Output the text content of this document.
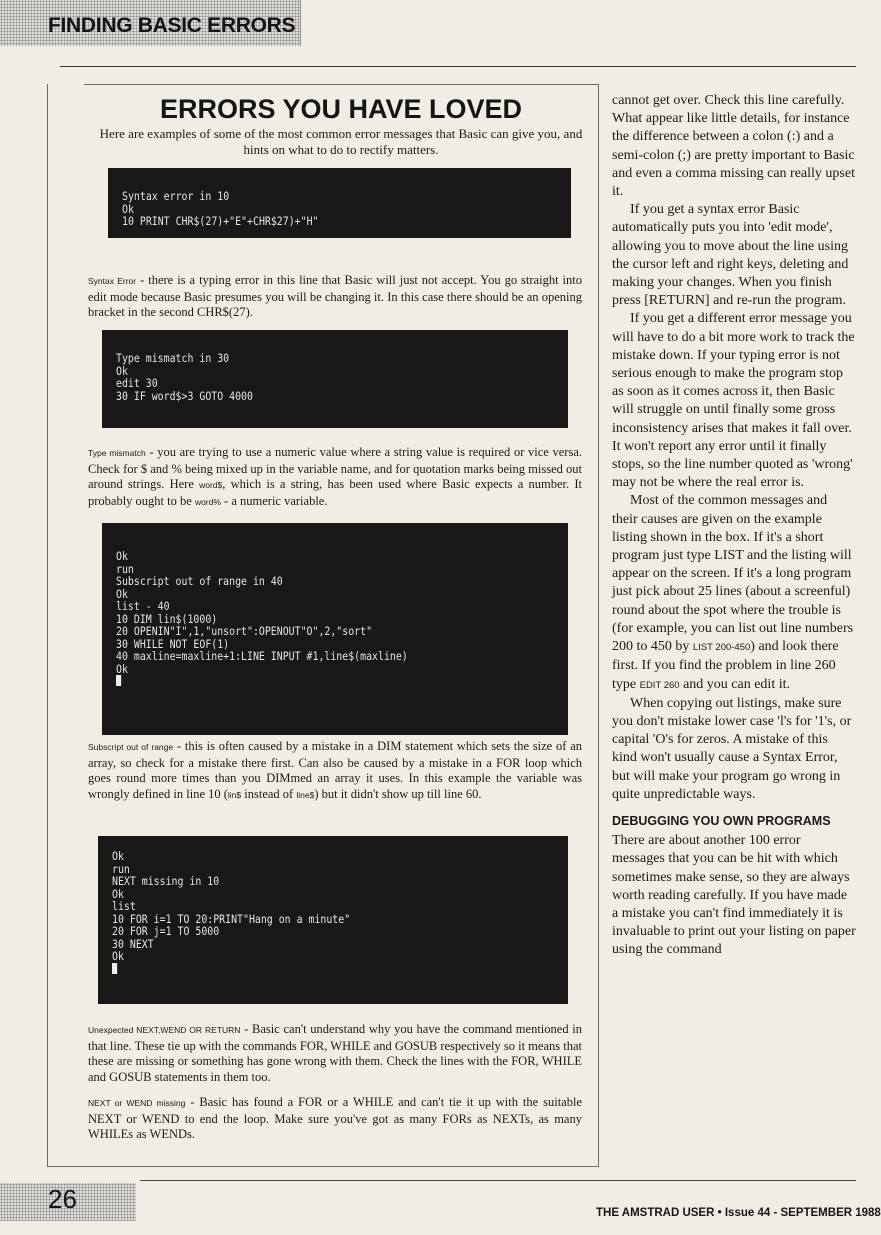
FINDING BASIC ERRORS
ERRORS YOU HAVE LOVED
Here are examples of some of the most common error messages that Basic can give you, and hints on what to do to rectify matters.
Syntax error in 10
Ok
10 PRINT CHR$(27)+"E"+CHR$27)+"H"
Syntax Error - there is a typing error in this line that Basic will just not accept. You go straight into edit mode because Basic presumes you will be changing it. In this case there should be an opening bracket in the second CHR$(27).
Type mismatch in 30
Ok
edit 30
30 IF word$>3 GOTO 4000
Type mismatch - you are trying to use a numeric value where a string value is required or vice versa. Check for $ and % being mixed up in the variable name, and for quotation marks being missed out around strings. Here word$, which is a string, has been used where Basic expects a number. It probably ought to be word% - a numeric variable.
Ok
run
Subscript out of range in 40
Ok
list - 40
10 DIM lin$(1000)
20 OPENIN"I",1,"unsort":OPENOUT"O",2,"sort"
30 WHILE NOT EOF(1)
40 maxline=maxline+1:LINE INPUT #1,line$(maxline)
Ok
Subscript out of range - this is often caused by a mistake in a DIM statement which sets the size of an array, so check for a mistake there first. Can also be caused by a mistake in a FOR loop which goes round more times than you DIMmed an array it uses. In this example the variable was wrongly defined in line 10 (lin$ instead of line$) but it didn't show up till line 60.
Ok
run
NEXT missing in 10
Ok
list
10 FOR i=1 TO 20:PRINT"Hang on a minute"
20 FOR j=1 TO 5000
30 NEXT
Ok
Unexpected NEXT,WEND OR RETURN - Basic can't understand why you have the command mentioned in that line. These tie up with the commands FOR, WHILE and GOSUB respectively so it means that these are missing or something has gone wrong with them. Check the lines with the FOR, WHILE and GOSUB statements in them too.
NEXT or WEND missing - Basic has found a FOR or a WHILE and can't tie it up with the suitable NEXT or WEND to end the loop. Make sure you've got as many FORs as NEXTs, as many WHILEs as WENDs.

cannot get over. Check this line carefully. What appear like little details, for instance the difference between a colon (:) and a semi-colon (;) are pretty important to Basic and even a comma missing can really upset it.

If you get a syntax error Basic automatically puts you into 'edit mode', allowing you to move about the line using the cursor left and right keys, deleting and making your changes. When you finish press [RETURN] and re-run the program.

If you get a different error message you will have to do a bit more work to track the mistake down. If your typing error is not serious enough to make the program stop as soon as it comes across it, then Basic will struggle on until finally some gross inconsistency arises that makes it fall over. It won't report any error until it finally stops, so the line number quoted as 'wrong' may not be where the real error is.

Most of the common messages and their causes are given on the example listing shown in the box. If it's a short program just type LIST and the listing will appear on the screen. If it's a long program just pick about 25 lines (about a screenful) round about the spot where the trouble is (for example, you can list out line numbers 200 to 450 by LIST 200-450) and look there first. If you find the problem in line 260 type EDIT 260 and you can edit it.

When copying out listings, make sure you don't mistake lower case 'l's for '1's, or capital 'O's for zeros. A mistake of this kind won't usually cause a Syntax Error, but will make your program go wrong in quite unpredictable ways.

DEBUGGING YOU OWN PROGRAMS

There are about another 100 error messages that you can be hit with which sometimes make sense, so they are always worth reading carefully. If you have made a mistake you can't find immediately it is invaluable to print out your listing on paper using the command

26	THE AMSTRAD USER • Issue 44 - SEPTEMBER 1988
